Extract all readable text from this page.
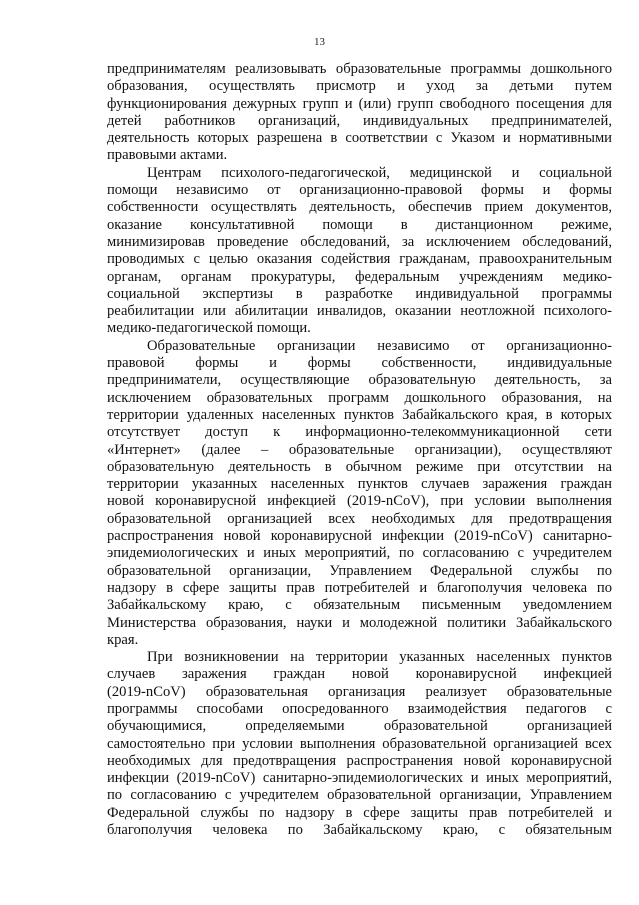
13
предпринимателям реализовывать образовательные программы дошкольного
образования, осуществлять присмотр и уход за детьми путем
функционирования дежурных групп и (или) групп свободного посещения для
детей работников организаций, индивидуальных предпринимателей,
деятельность которых разрешена в соответствии с Указом и нормативными
правовыми актами.
Центрам психолого-педагогической, медицинской и социальной
помощи независимо от организационно-правовой формы и формы
собственности осуществлять деятельность, обеспечив прием документов,
оказание консультативной помощи в дистанционном режиме,
минимизировав проведение обследований, за исключением обследований,
проводимых с целью оказания содействия гражданам, правоохранительным
органам, органам прокуратуры, федеральным учреждениям медико-
социальной экспертизы в разработке индивидуальной программы
реабилитации или абилитации инвалидов, оказании неотложной психолого-
медико-педагогической помощи.
Образовательные организации независимо от организационно-
правовой формы и формы собственности, индивидуальные
предприниматели, осуществляющие образовательную деятельность, за
исключением образовательных программ дошкольного образования, на
территории удаленных населенных пунктов Забайкальского края, в которых
отсутствует доступ к информационно-телекоммуникационной сети
«Интернет» (далее – образовательные организации), осуществляют
образовательную деятельность в обычном режиме при отсутствии на
территории указанных населенных пунктов случаев заражения граждан
новой коронавирусной инфекцией (2019-nCoV), при условии выполнения
образовательной организацией всех необходимых для предотвращения
распространения новой коронавирусной инфекции (2019-nCoV) санитарно-
эпидемиологических и иных мероприятий, по согласованию с учредителем
образовательной организации, Управлением Федеральной службы по
надзору в сфере защиты прав потребителей и благополучия человека по
Забайкальскому краю, с обязательным письменным уведомлением
Министерства образования, науки и молодежной политики Забайкальского
края.
При возникновении на территории указанных населенных пунктов
случаев заражения граждан новой коронавирусной инфекцией
(2019-nCoV) образовательная организация реализует образовательные
программы способами опосредованного взаимодействия педагогов с
обучающимися, определяемыми образовательной организацией
самостоятельно при условии выполнения образовательной организацией всех
необходимых для предотвращения распространения новой коронавирусной
инфекции (2019-nCoV) санитарно-эпидемиологических и иных мероприятий,
по согласованию с учредителем образовательной организации, Управлением
Федеральной службы по надзору в сфере защиты прав потребителей и
благополучия человека по Забайкальскому краю, с обязательным
